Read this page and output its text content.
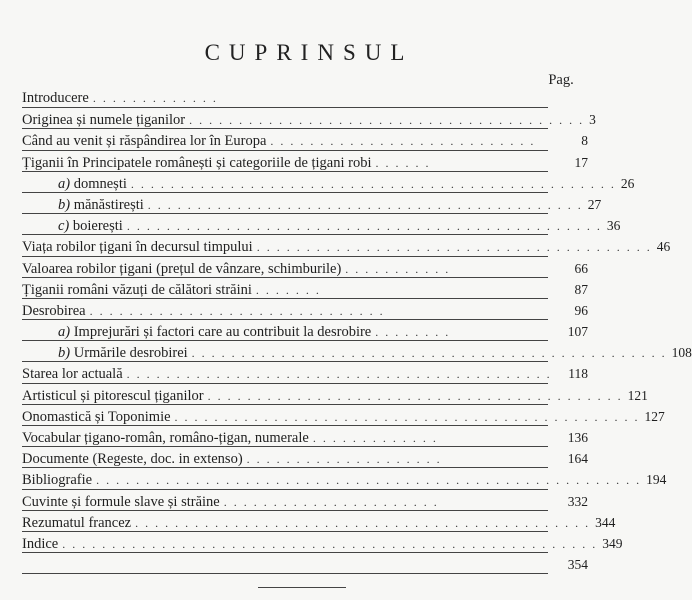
CUPRINSUL
Pag.
Introducere .............
Originea și numele țiganilor ........................................ 3
Când au venit și răspândirea lor în Europa ...........................	8
Țiganii în Principatele românești și categoriile de țigani robi ......	17
a) domnești ................................................. 26
b) mănăstirești ............................................ 27
c) boierești ................................................ 36
Viața robilor țigani în decursul timpului ........................................ 46
Valoarea robilor țigani (prețul de vânzare, schimburile) ...........	66
Țiganii români văzuți de călători străini .......	87
Desrobirea ..............................	96
a) Imprejurări și factori care au contribuit la desrobire ........	107
b) Urmările desrobirei ................................................ 108
Starea lor actuală ........................................... 118
Artisticul și pitorescul țiganilor .......................................... 121
Onomastică și Toponimie ............................................... 127
Vocabular țigano-român, româno-țigan, numerale .............	136
Documente (Regeste, doc. in extenso) ....................	164
Bibliografie ....................................................... 194
Cuvinte și formule slave și străine ......................	332
Rezumatul francez .............................................. 344
Indice ...................................................... 349
354
